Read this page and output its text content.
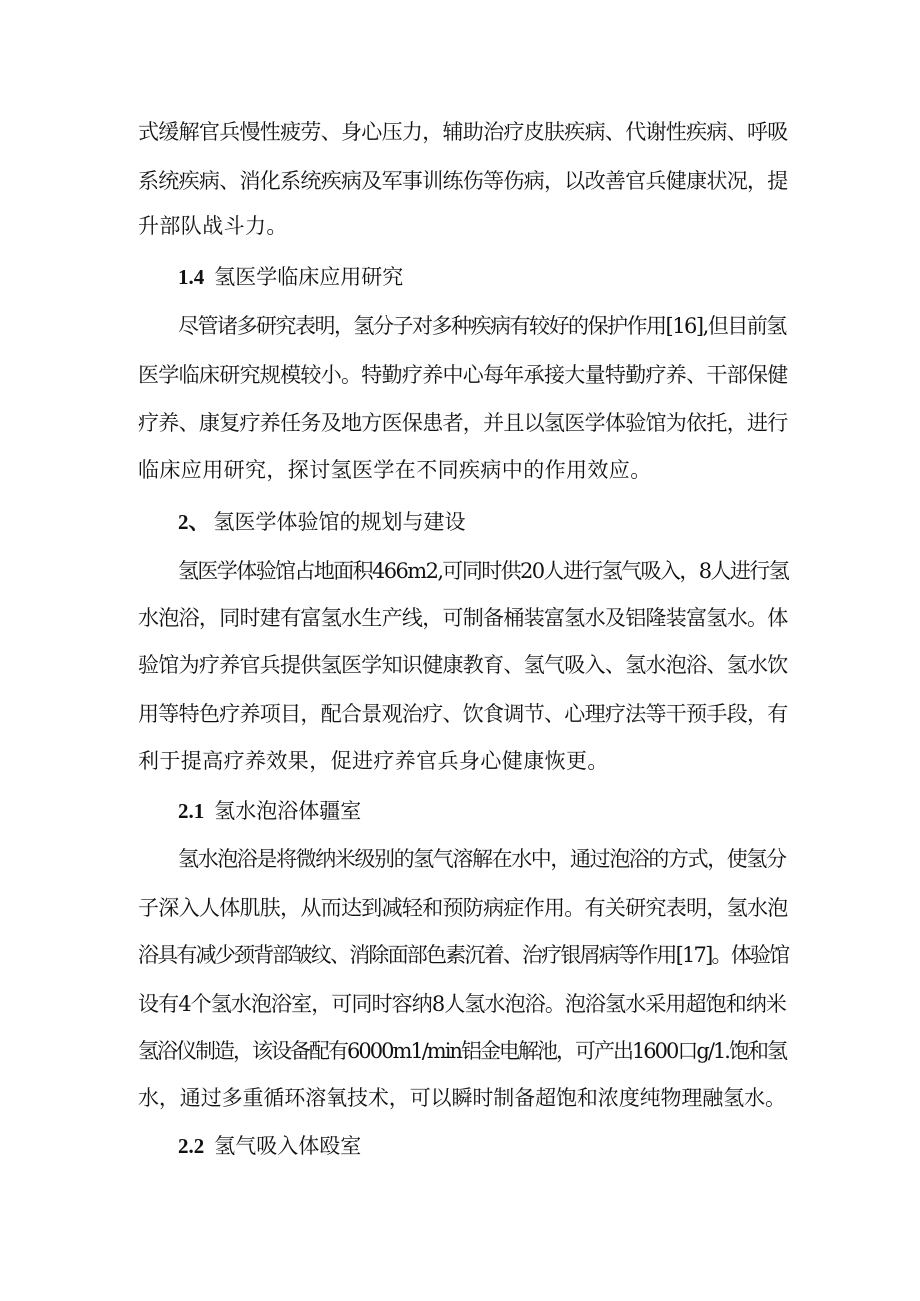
式缓解官兵慢性疲劳、身心压力，辅助治疗皮肤疾病、代谢性疾病、呼吸
系统疾病、消化系统疾病及军事训练伤等伤病，以改善官兵健康状况，提
升部队战斗力。
1.4 氢医学临床应用研究
尽管诸多研究表明，氢分子对多种疾病有较好的保护作用[16],但目前氢
医学临床研究规模较小。特勤疗养中心每年承接大量特勤疗养、干部保健
疗养、康复疗养任务及地方医保患者，并且以氢医学体验馆为依托，进行
临床应用研究，探讨氢医学在不同疾病中的作用效应。
2、 氢医学体验馆的规划与建设
氢医学体验馆占地面积466m2,可同时供20人进行氢气吸入，8人进行氢
水泡浴，同时建有富氢水生产线，可制备桶装富氢水及铝隆装富氢水。体
验馆为疗养官兵提供氢医学知识健康教育、氢气吸入、氢水泡浴、氢水饮
用等特色疗养项目，配合景观治疗、饮食调节、心理疗法等干预手段，有
利于提高疗养效果，促进疗养官兵身心健康恢更。
2.1 氢水泡浴体疆室
氢水泡浴是将微纳米级别的氢气溶解在水中，通过泡浴的方式，使氢分
子深入人体肌肤，从而达到减轻和预防病症作用。有关研究表明，氢水泡
浴具有减少颈背部皱纹、消除面部色素沉着、治疗银屑病等作用[17]。体验馆
设有4个氢水泡浴室，可同时容纳8人氢水泡浴。泡浴氢水采用超饱和纳米
氢浴仪制造，该设备配有6000m1∕min铝金电解池，可产出1600口g/1.饱和氢
水，通过多重循环溶氧技术，可以瞬时制备超饱和浓度纯物理融氢水。
2.2 氢气吸入体殴室
